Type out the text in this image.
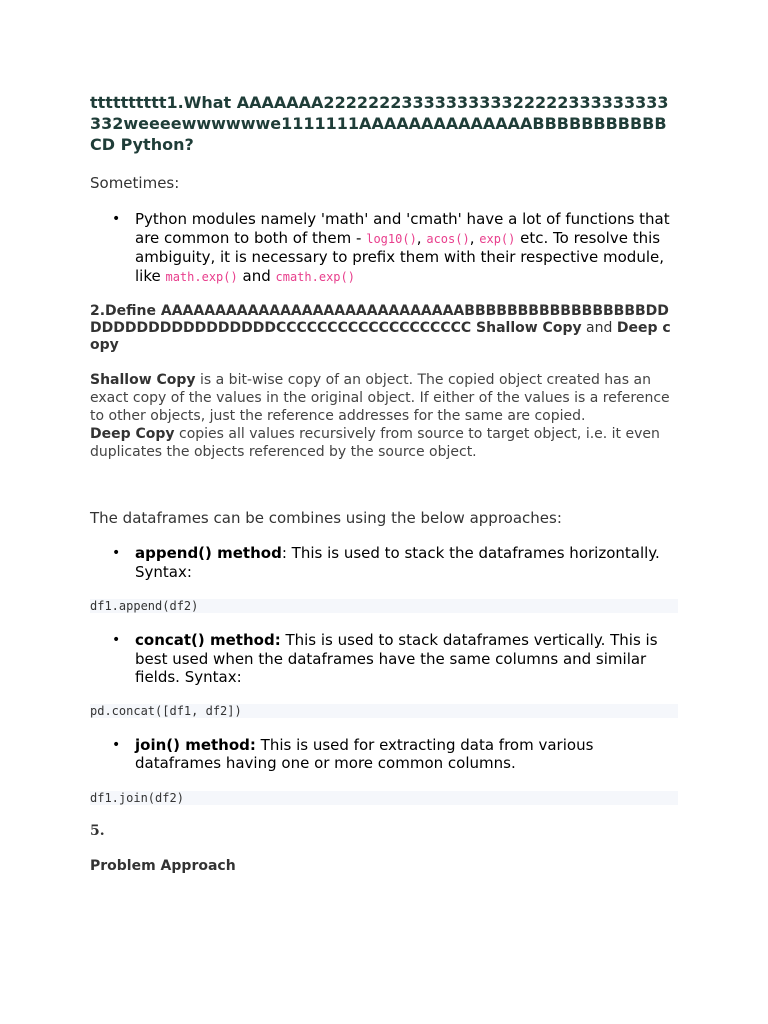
tttttttttt1.What AAAAAAA2222222333333333322222333333333332weeeewwwwwwe1111111AAAAAAAAAAAAAABBBBBBBBBBBCD Python?

Sometimes:

• Python modules namely 'math' and 'cmath' have a lot of functions that are common to both of them - log10(), acos(), exp() etc. To resolve this ambiguity, it is necessary to prefix them with their respective module, like math.exp() and cmath.exp()
2.Define AAAAAAAAAAAAAAAAAAAAAAAAAAAABBBBBBBBBBBBBBBBBDDDDDDDDDDDDDDDDDDCCCCCCCCCCCCCCCCCCC Shallow Copy and Deep copy

Shallow Copy is a bit-wise copy of an object. The copied object created has an exact copy of the values in the original object. If either of the values is a reference to other objects, just the reference addresses for the same are copied.
Deep Copy copies all values recursively from source to target object, i.e. it even duplicates the objects referenced by the source object.

The dataframes can be combines using the below approaches:

• append() method: This is used to stack the dataframes horizontally. Syntax:
df1.append(df2)
• concat() method: This is used to stack dataframes vertically. This is best used when the dataframes have the same columns and similar fields. Syntax:
pd.concat([df1, df2])
• join() method: This is used for extracting data from various dataframes having one or more common columns.
df1.join(df2)
5.
Problem Approach
